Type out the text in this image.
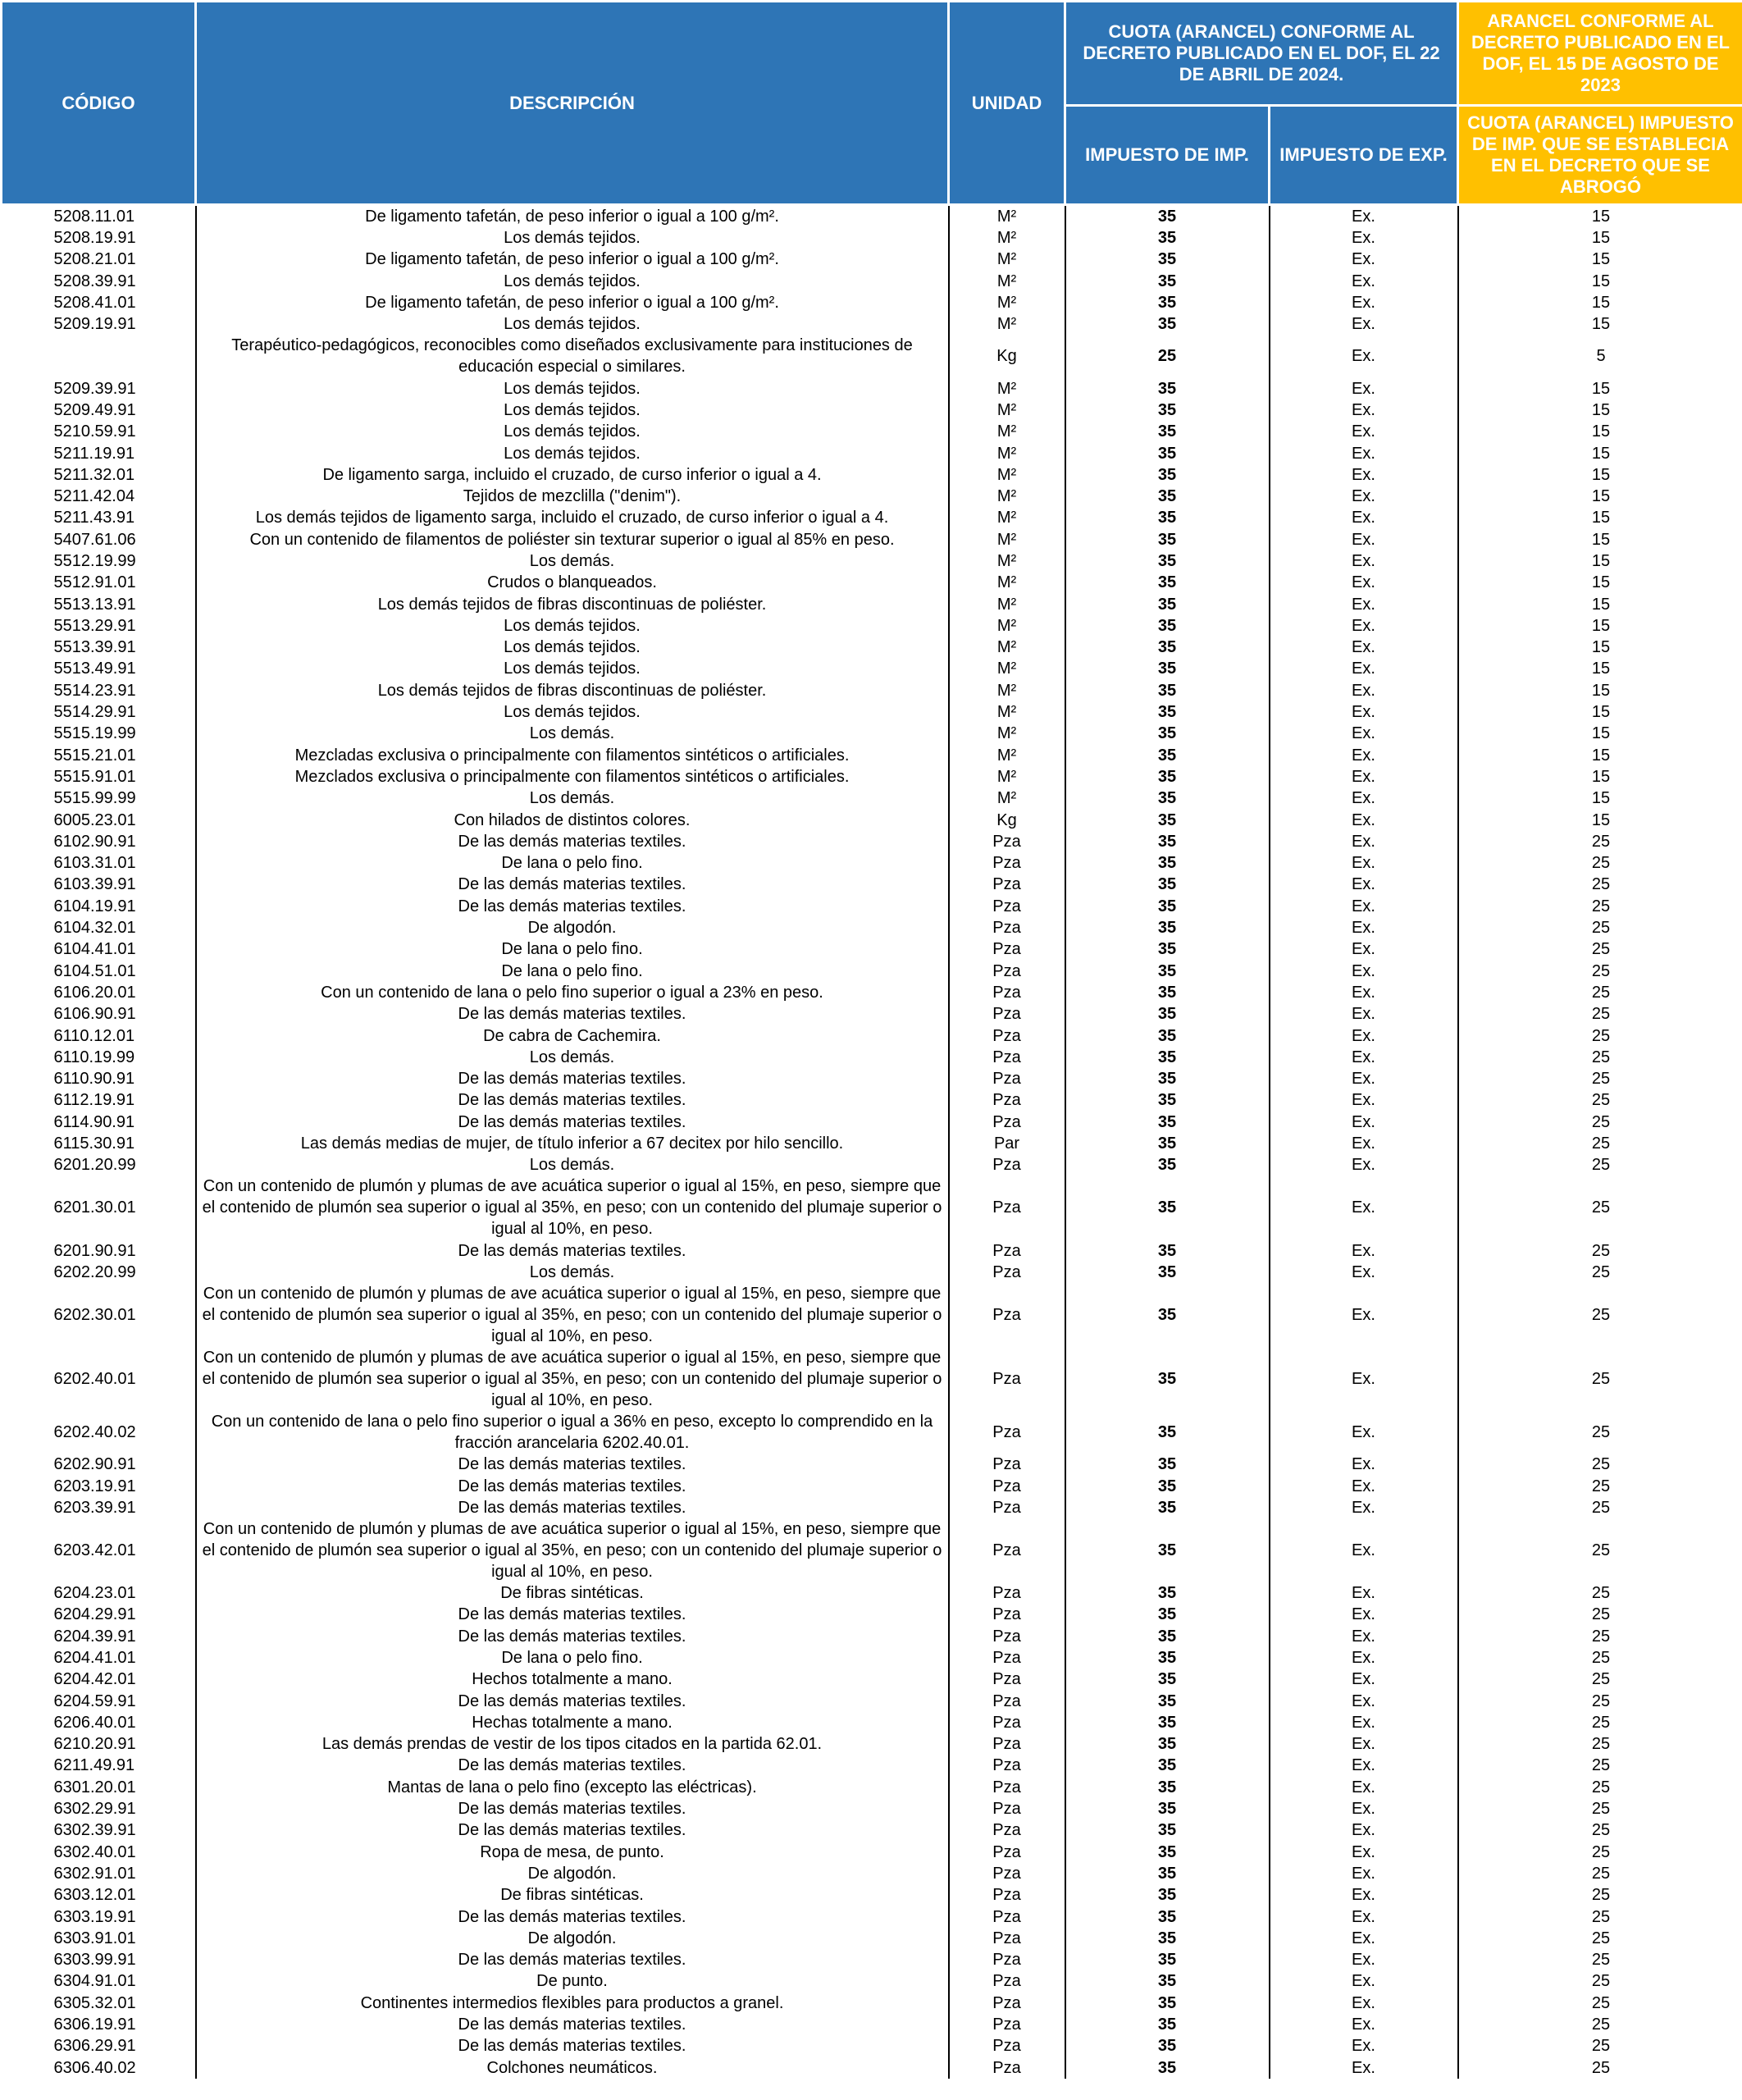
CÓDIGO	DESCRIPCIÓN	UNIDAD	CUOTA (ARANCEL) CONFORME AL DECRETO PUBLICADO EN EL DOF, EL 22 DE ABRIL DE 2024.		ARANCEL CONFORME AL DECRETO PUBLICADO EN EL DOF, EL 15 DE AGOSTO DE 2023
			IMPUESTO DE IMP.	IMPUESTO DE EXP.	CUOTA (ARANCEL) IMPUESTO DE IMP. QUE SE ESTABLECIA EN EL DECRETO QUE SE ABROGÓ
5208.11.01	De ligamento tafetán, de peso inferior o igual a 100 g/m².	M²	35	Ex.	15
5208.19.91	Los demás tejidos.	M²	35	Ex.	15
5208.21.01	De ligamento tafetán, de peso inferior o igual a 100 g/m².	M²	35	Ex.	15
5208.39.91	Los demás tejidos.	M²	35	Ex.	15
5208.41.01	De ligamento tafetán, de peso inferior o igual a 100 g/m².	M²	35	Ex.	15
5209.19.91	Los demás tejidos.	M²	35	Ex.	15
	Terapéutico-pedagógicos, reconocibles como diseñados exclusivamente para instituciones de educación especial o similares.	Kg	25	Ex.	5
5209.39.91	Los demás tejidos.	M²	35	Ex.	15
5209.49.91	Los demás tejidos.	M²	35	Ex.	15
5210.59.91	Los demás tejidos.	M²	35	Ex.	15
5211.19.91	Los demás tejidos.	M²	35	Ex.	15
5211.32.01	De ligamento sarga, incluido el cruzado, de curso inferior o igual a 4.	M²	35	Ex.	15
5211.42.04	Tejidos de mezclilla ("denim").	M²	35	Ex.	15
5211.43.91	Los demás tejidos de ligamento sarga, incluido el cruzado, de curso inferior o igual a 4.	M²	35	Ex.	15
5407.61.06	Con un contenido de filamentos de poliéster sin texturar superior o igual al 85% en peso.	M²	35	Ex.	15
5512.19.99	Los demás.	M²	35	Ex.	15
5512.91.01	Crudos o blanqueados.	M²	35	Ex.	15
5513.13.91	Los demás tejidos de fibras discontinuas de poliéster.	M²	35	Ex.	15
5513.29.91	Los demás tejidos.	M²	35	Ex.	15
5513.39.91	Los demás tejidos.	M²	35	Ex.	15
5513.49.91	Los demás tejidos.	M²	35	Ex.	15
5514.23.91	Los demás tejidos de fibras discontinuas de poliéster.	M²	35	Ex.	15
5514.29.91	Los demás tejidos.	M²	35	Ex.	15
5515.19.99	Los demás.	M²	35	Ex.	15
5515.21.01	Mezcladas exclusiva o principalmente con filamentos sintéticos o artificiales.	M²	35	Ex.	15
5515.91.01	Mezclados exclusiva o principalmente con filamentos sintéticos o artificiales.	M²	35	Ex.	15
5515.99.99	Los demás.	M²	35	Ex.	15
6005.23.01	Con hilados de distintos colores.	Kg	35	Ex.	15
6102.90.91	De las demás materias textiles.	Pza	35	Ex.	25
6103.31.01	De lana o pelo fino.	Pza	35	Ex.	25
6103.39.91	De las demás materias textiles.	Pza	35	Ex.	25
6104.19.91	De las demás materias textiles.	Pza	35	Ex.	25
6104.32.01	De algodón.	Pza	35	Ex.	25
6104.41.01	De lana o pelo fino.	Pza	35	Ex.	25
6104.51.01	De lana o pelo fino.	Pza	35	Ex.	25
6106.20.01	Con un contenido de lana o pelo fino superior o igual a 23% en peso.	Pza	35	Ex.	25
6106.90.91	De las demás materias textiles.	Pza	35	Ex.	25
6110.12.01	De cabra de Cachemira.	Pza	35	Ex.	25
6110.19.99	Los demás.	Pza	35	Ex.	25
6110.90.91	De las demás materias textiles.	Pza	35	Ex.	25
6112.19.91	De las demás materias textiles.	Pza	35	Ex.	25
6114.90.91	De las demás materias textiles.	Pza	35	Ex.	25
6115.30.91	Las demás medias de mujer, de título inferior a 67 decitex por hilo sencillo.	Par	35	Ex.	25
6201.20.99	Los demás.	Pza	35	Ex.	25
6201.30.01	Con un contenido de plumón y plumas de ave acuática superior o igual al 15%, en peso, siempre que el contenido de plumón sea superior o igual al 35%, en peso; con un contenido del plumaje superior o igual al 10%, en peso.	Pza	35	Ex.	25
6201.90.91	De las demás materias textiles.	Pza	35	Ex.	25
6202.20.99	Los demás.	Pza	35	Ex.	25
6202.30.01	Con un contenido de plumón y plumas de ave acuática superior o igual al 15%, en peso, siempre que el contenido de plumón sea superior o igual al 35%, en peso; con un contenido del plumaje superior o igual al 10%, en peso.	Pza	35	Ex.	25
6202.40.01	Con un contenido de plumón y plumas de ave acuática superior o igual al 15%, en peso, siempre que el contenido de plumón sea superior o igual al 35%, en peso; con un contenido del plumaje superior o igual al 10%, en peso.	Pza	35	Ex.	25
6202.40.02	Con un contenido de lana o pelo fino superior o igual a 36% en peso, excepto lo comprendido en la fracción arancelaria 6202.40.01.	Pza	35	Ex.	25
6202.90.91	De las demás materias textiles.	Pza	35	Ex.	25
6203.19.91	De las demás materias textiles.	Pza	35	Ex.	25
6203.39.91	De las demás materias textiles.	Pza	35	Ex.	25
6203.42.01	Con un contenido de plumón y plumas de ave acuática superior o igual al 15%, en peso, siempre que el contenido de plumón sea superior o igual al 35%, en peso; con un contenido del plumaje superior o igual al 10%, en peso.	Pza	35	Ex.	25
6204.23.01	De fibras sintéticas.	Pza	35	Ex.	25
6204.29.91	De las demás materias textiles.	Pza	35	Ex.	25
6204.39.91	De las demás materias textiles.	Pza	35	Ex.	25
6204.41.01	De lana o pelo fino.	Pza	35	Ex.	25
6204.42.01	Hechos totalmente a mano.	Pza	35	Ex.	25
6204.59.91	De las demás materias textiles.	Pza	35	Ex.	25
6206.40.01	Hechas totalmente a mano.	Pza	35	Ex.	25
6210.20.91	Las demás prendas de vestir de los tipos citados en la partida 62.01.	Pza	35	Ex.	25
6211.49.91	De las demás materias textiles.	Pza	35	Ex.	25
6301.20.01	Mantas de lana o pelo fino (excepto las eléctricas).	Pza	35	Ex.	25
6302.29.91	De las demás materias textiles.	Pza	35	Ex.	25
6302.39.91	De las demás materias textiles.	Pza	35	Ex.	25
6302.40.01	Ropa de mesa, de punto.	Pza	35	Ex.	25
6302.91.01	De algodón.	Pza	35	Ex.	25
6303.12.01	De fibras sintéticas.	Pza	35	Ex.	25
6303.19.91	De las demás materias textiles.	Pza	35	Ex.	25
6303.91.01	De algodón.	Pza	35	Ex.	25
6303.99.91	De las demás materias textiles.	Pza	35	Ex.	25
6304.91.01	De punto.	Pza	35	Ex.	25
6305.32.01	Continentes intermedios flexibles para productos a granel.	Pza	35	Ex.	25
6306.19.91	De las demás materias textiles.	Pza	35	Ex.	25
6306.29.91	De las demás materias textiles.	Pza	35	Ex.	25
6306.40.02	Colchones neumáticos.	Pza	35	Ex.	25
